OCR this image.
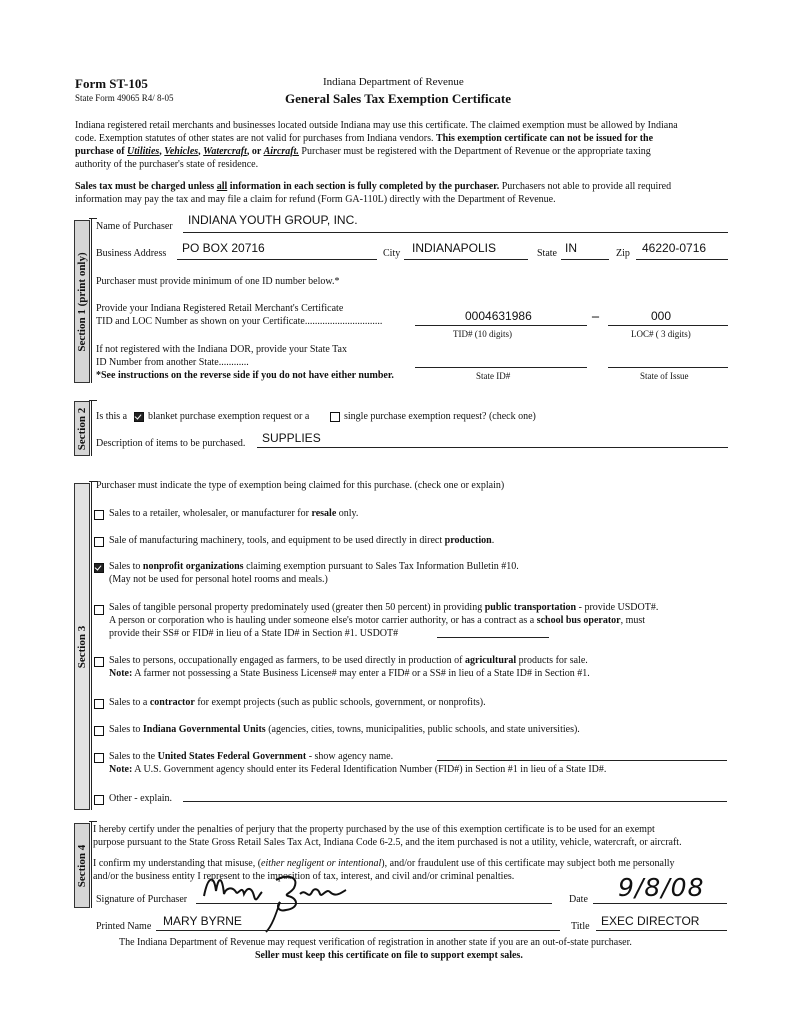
Form ST-105
State Form 49065 R4/ 8-05
Indiana Department of Revenue
General Sales Tax Exemption Certificate
Indiana registered retail merchants and businesses located outside Indiana may use this certificate. The claimed exemption must be allowed by Indiana
code. Exemption statutes of other states are not valid for purchases from Indiana vendors. This exemption certificate can not be issued for the
purchase of Utilities, Vehicles, Watercraft, or Aircraft. Purchaser must be registered with the Department of Revenue or the appropriate taxing
authority of the purchaser's state of residence.
Sales tax must be charged unless all information in each section is fully completed by the purchaser. Purchasers not able to provide all required
information may pay the tax and may file a claim for refund (Form GA-110L) directly with the Department of Revenue.
Section 1 (print only)
Name of Purchaser INDIANA YOUTH GROUP, INC.
Business Address PO BOX 20716	City INDIANAPOLIS	State IN	Zip 46220-0716
Purchaser must provide minimum of one ID number below.*
Provide your Indiana Registered Retail Merchant's Certificate
TID and LOC Number as shown on your Certificate...............................	0004631986
TID# (10 digits)
–	000
LOC# ( 3 digits)
If not registered with the Indiana DOR, provide your State Tax
ID Number from another State............
*See instructions on the reverse side if you do not have either number.	State ID#	State of Issue
Section 2 Is this a blanket purchase exemption request or a	single purchase exemption request? (check one)
Description of items to be purchased. SUPPLIES
Section 3
Purchaser must indicate the type of exemption being claimed for this purchase. (check one or explain)
Sales to a retailer, wholesaler, or manufacturer for resale only.
Sale of manufacturing machinery, tools, and equipment to be used directly in direct production.
Sales to nonprofit organizations claiming exemption pursuant to Sales Tax Information Bulletin #10.
(May not be used for personal hotel rooms and meals.)
Sales of tangible personal property predominately used (greater then 50 percent) in providing public transportation - provide USDOT#.
A person or corporation who is hauling under someone else's motor carrier authority, or has a contract as a school bus operator, must
provide their SS# or FID# in lieu of a State ID# in Section #1. USDOT#
Sales to persons, occupationally engaged as farmers, to be used directly in production of agricultural products for sale.
Note: A farmer not possessing a State Business License# may enter a FID# or a SS# in lieu of a State ID# in Section #1.
Sales to a contractor for exempt projects (such as public schools, government, or nonprofits).
Sales to Indiana Governmental Units (agencies, cities, towns, municipalities, public schools, and state universities).
Sales to the United States Federal Government - show agency name.
Note: A U.S. Government agency should enter its Federal Identification Number (FID#) in Section #1 in lieu of a State ID#.
Other - explain.
Section 4
I hereby certify under the penalties of perjury that the property purchased by the use of this exemption certificate is to be used for an exempt
purpose pursuant to the State Gross Retail Sales Tax Act, Indiana Code 6-2.5, and the item purchased is not a utility, vehicle, watercraft, or aircraft.
I confirm my understanding that misuse, (either negligent or intentional), and/or fraudulent use of this certificate may subject both me personally
and/or the business entity I represent to the imposition of tax, interest, and civil and/or criminal penalties.
Signature of Purchaser	Date 9/8/08
Printed Name MARY BYRNE	Title EXEC DIRECTOR
The Indiana Department of Revenue may request verification of registration in another state if you are an out-of-state purchaser.
Seller must keep this certificate on file to support exempt sales.
